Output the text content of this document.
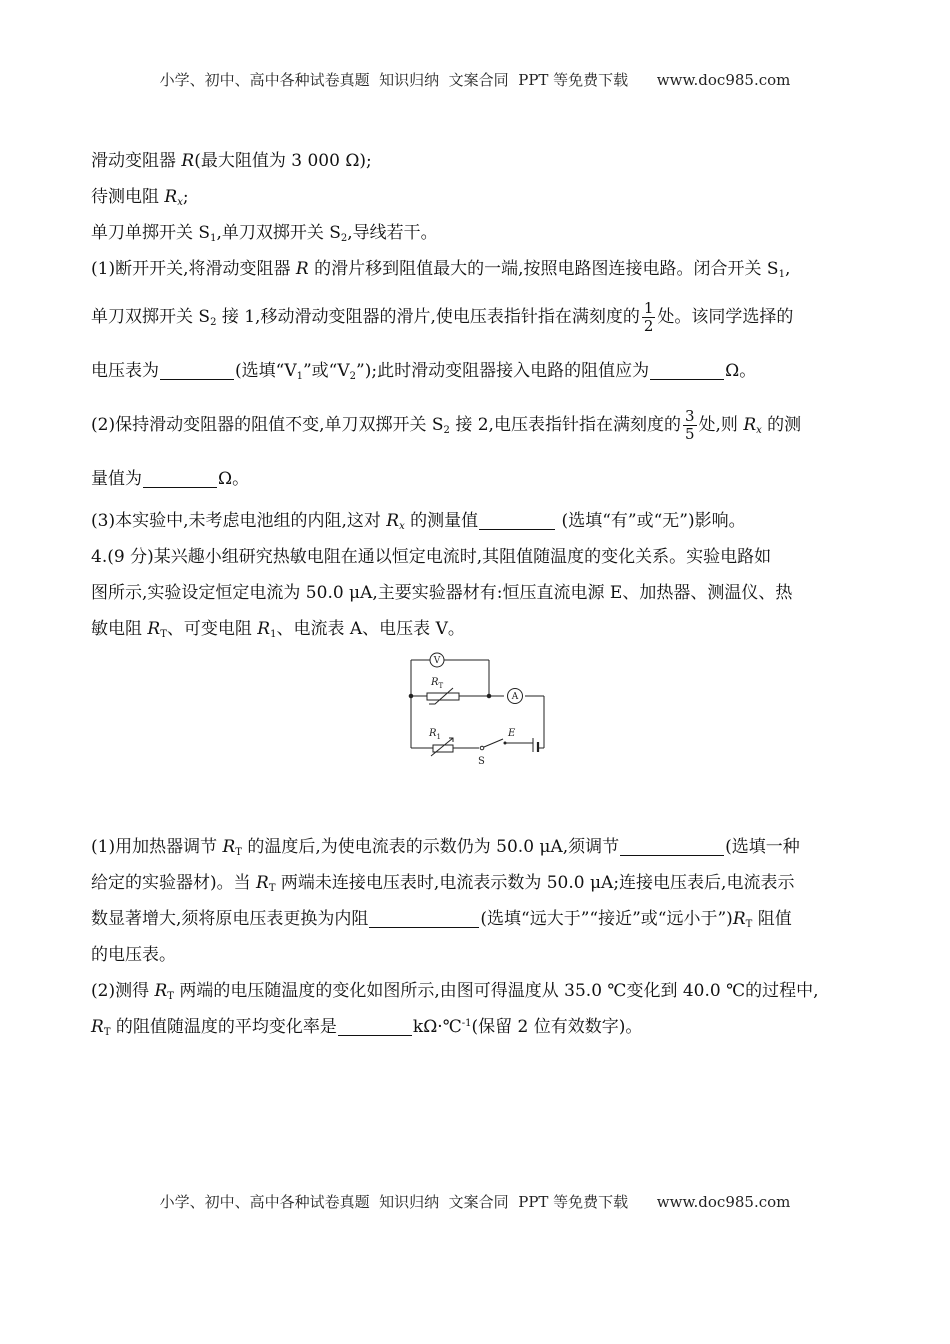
小学、初中、高中各种试卷真题  知识归纳  文案合同  PPT 等免费下载      www.doc985.com
滑动变阻器 R(最大阻值为 3 000 Ω);
待测电阻 $R_x$;
单刀单掷开关 $S_1$,单刀双掷开关 $S_2$,导线若干。
(1)断开开关,将滑动变阻器 R 的滑片移到阻值最大的一端,按照电路图连接电路。闭合开关 $S_1$,
单刀双掷开关 $S_2$ 接 1,移动滑动变阻器的滑片,使电压表指针指在满刻度的 $\frac{1}{2}$ 处。该同学选择的
电压表为	(选填“$V_1$”或“$V_2$”);此时滑动变阻器接入电路的阻值应为	Ω。
(2)保持滑动变阻器的阻值不变,单刀双掷开关 $S_2$ 接 2,电压表指针指在满刻度的 $\frac{3}{5}$ 处,则 $R_x$ 的测
量值为	Ω。
(3)本实验中,未考虑电池组的内阻,这对 $R_x$ 的测量值	(选填“有”或“无”)影响。
4.(9 分)某兴趣小组研究热敏电阻在通以恒定电流时,其阻值随温度的变化关系。实验电路如
图所示,实验设定恒定电流为 50.0 μA,主要实验器材有:恒压直流电源 E、加热器、测温仪、热
敏电阻 $R_T$、可变电阻 $R_1$、电流表 A、电压表 V。
(1)用加热器调节 $R_T$ 的温度后,为使电流表的示数仍为 50.0 μA,须调节	(选填一种
给定的实验器材)。当 $R_T$ 两端未连接电压表时,电流表示数为 50.0 μA;连接电压表后,电流表示
数显著增大,须将原电压表更换为内阻	(选填“远大于”“接近”或“远小于$”)R_T$ 阻值
的电压表。
(2)测得 $R_T$ 两端的电压随温度的变化如图所示,由图可得温度从 35.0 ℃变化到 40.0 ℃的过程中,
$R_T$ 的阻值随温度的平均变化率是	kΩ·℃$^{-1}$(保留 2 位有效数字)。
V
$R_T$
A
$R_1$
S
E
小学、初中、高中各种试卷真题  知识归纳  文案合同  PPT 等免费下载      www.doc985.com
